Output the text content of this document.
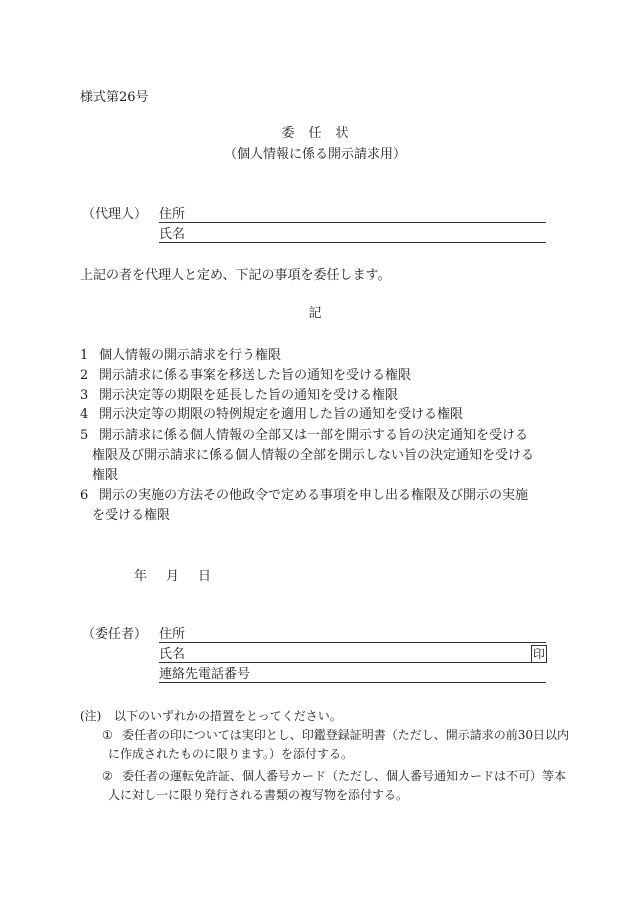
様式第26号
委任状
（個人情報に係る開示請求用）
（代理人） 住所
氏名
上記の者を代理人と定め、下記の事項を委任します。
記
1 個人情報の開示請求を行う権限
2 開示請求に係る事案を移送した旨の通知を受ける権限
3 開示決定等の期限を延長した旨の通知を受ける権限
4 開示決定等の期限の特例規定を適用した旨の通知を受ける権限
5 開示請求に係る個人情報の全部又は一部を開示する旨の決定通知を受ける
権限及び開示請求に係る個人情報の全部を開示しない旨の決定通知を受ける
権限
6 開示の実施の方法その他政令で定める事項を申し出る権限及び開示の実施
を受ける権限
年　月　日
（委任者） 住所
氏名	印
連絡先電話番号
(注) 以下のいずれかの措置をとってください。
① 委任者の印については実印とし、印鑑登録証明書（ただし、開示請求の前30日以内
に作成されたものに限ります。）を添付する。
② 委任者の運転免許証、個人番号カード（ただし、個人番号通知カードは不可）等本
人に対し一に限り発行される書類の複写物を添付する。
